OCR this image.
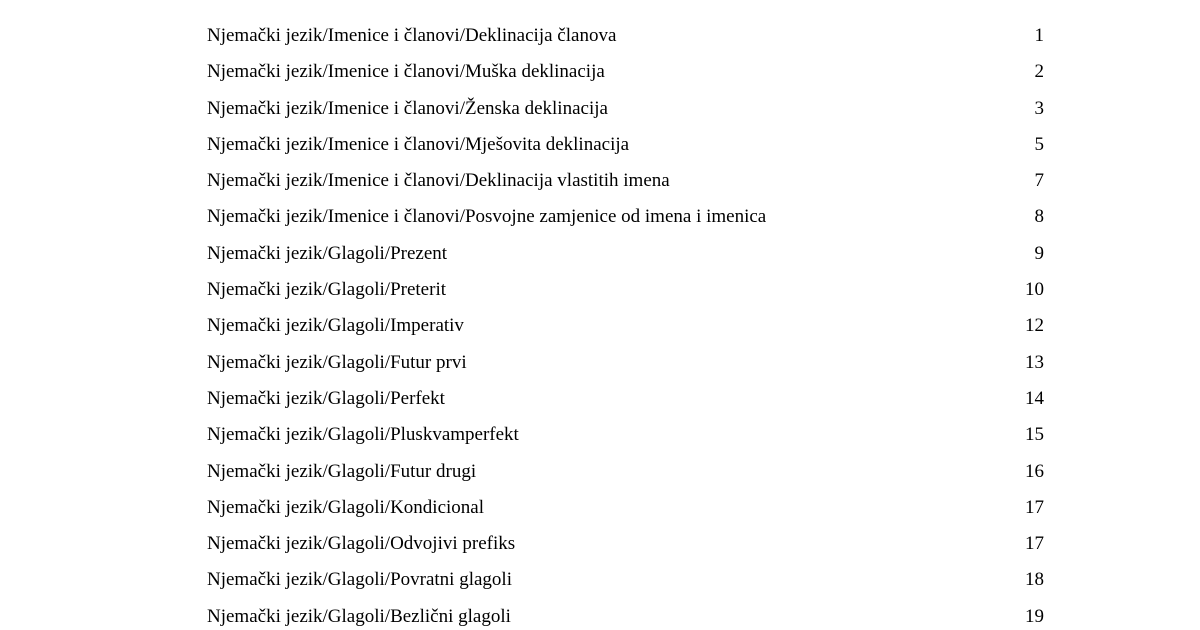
Njemački jezik/Imenice i članovi/Deklinacija članova	1
Njemački jezik/Imenice i članovi/Muška deklinacija	2
Njemački jezik/Imenice i članovi/Ženska deklinacija	3
Njemački jezik/Imenice i članovi/Mješovita deklinacija	5
Njemački jezik/Imenice i članovi/Deklinacija vlastitih imena	7
Njemački jezik/Imenice i članovi/Posvojne zamjenice od imena i imenica	8
Njemački jezik/Glagoli/Prezent	9
Njemački jezik/Glagoli/Preterit	10
Njemački jezik/Glagoli/Imperativ	12
Njemački jezik/Glagoli/Futur prvi	13
Njemački jezik/Glagoli/Perfekt	14
Njemački jezik/Glagoli/Pluskvamperfekt	15
Njemački jezik/Glagoli/Futur drugi	16
Njemački jezik/Glagoli/Kondicional	17
Njemački jezik/Glagoli/Odvojivi prefiks	17
Njemački jezik/Glagoli/Povratni glagoli	18
Njemački jezik/Glagoli/Bezlični glagoli	19
